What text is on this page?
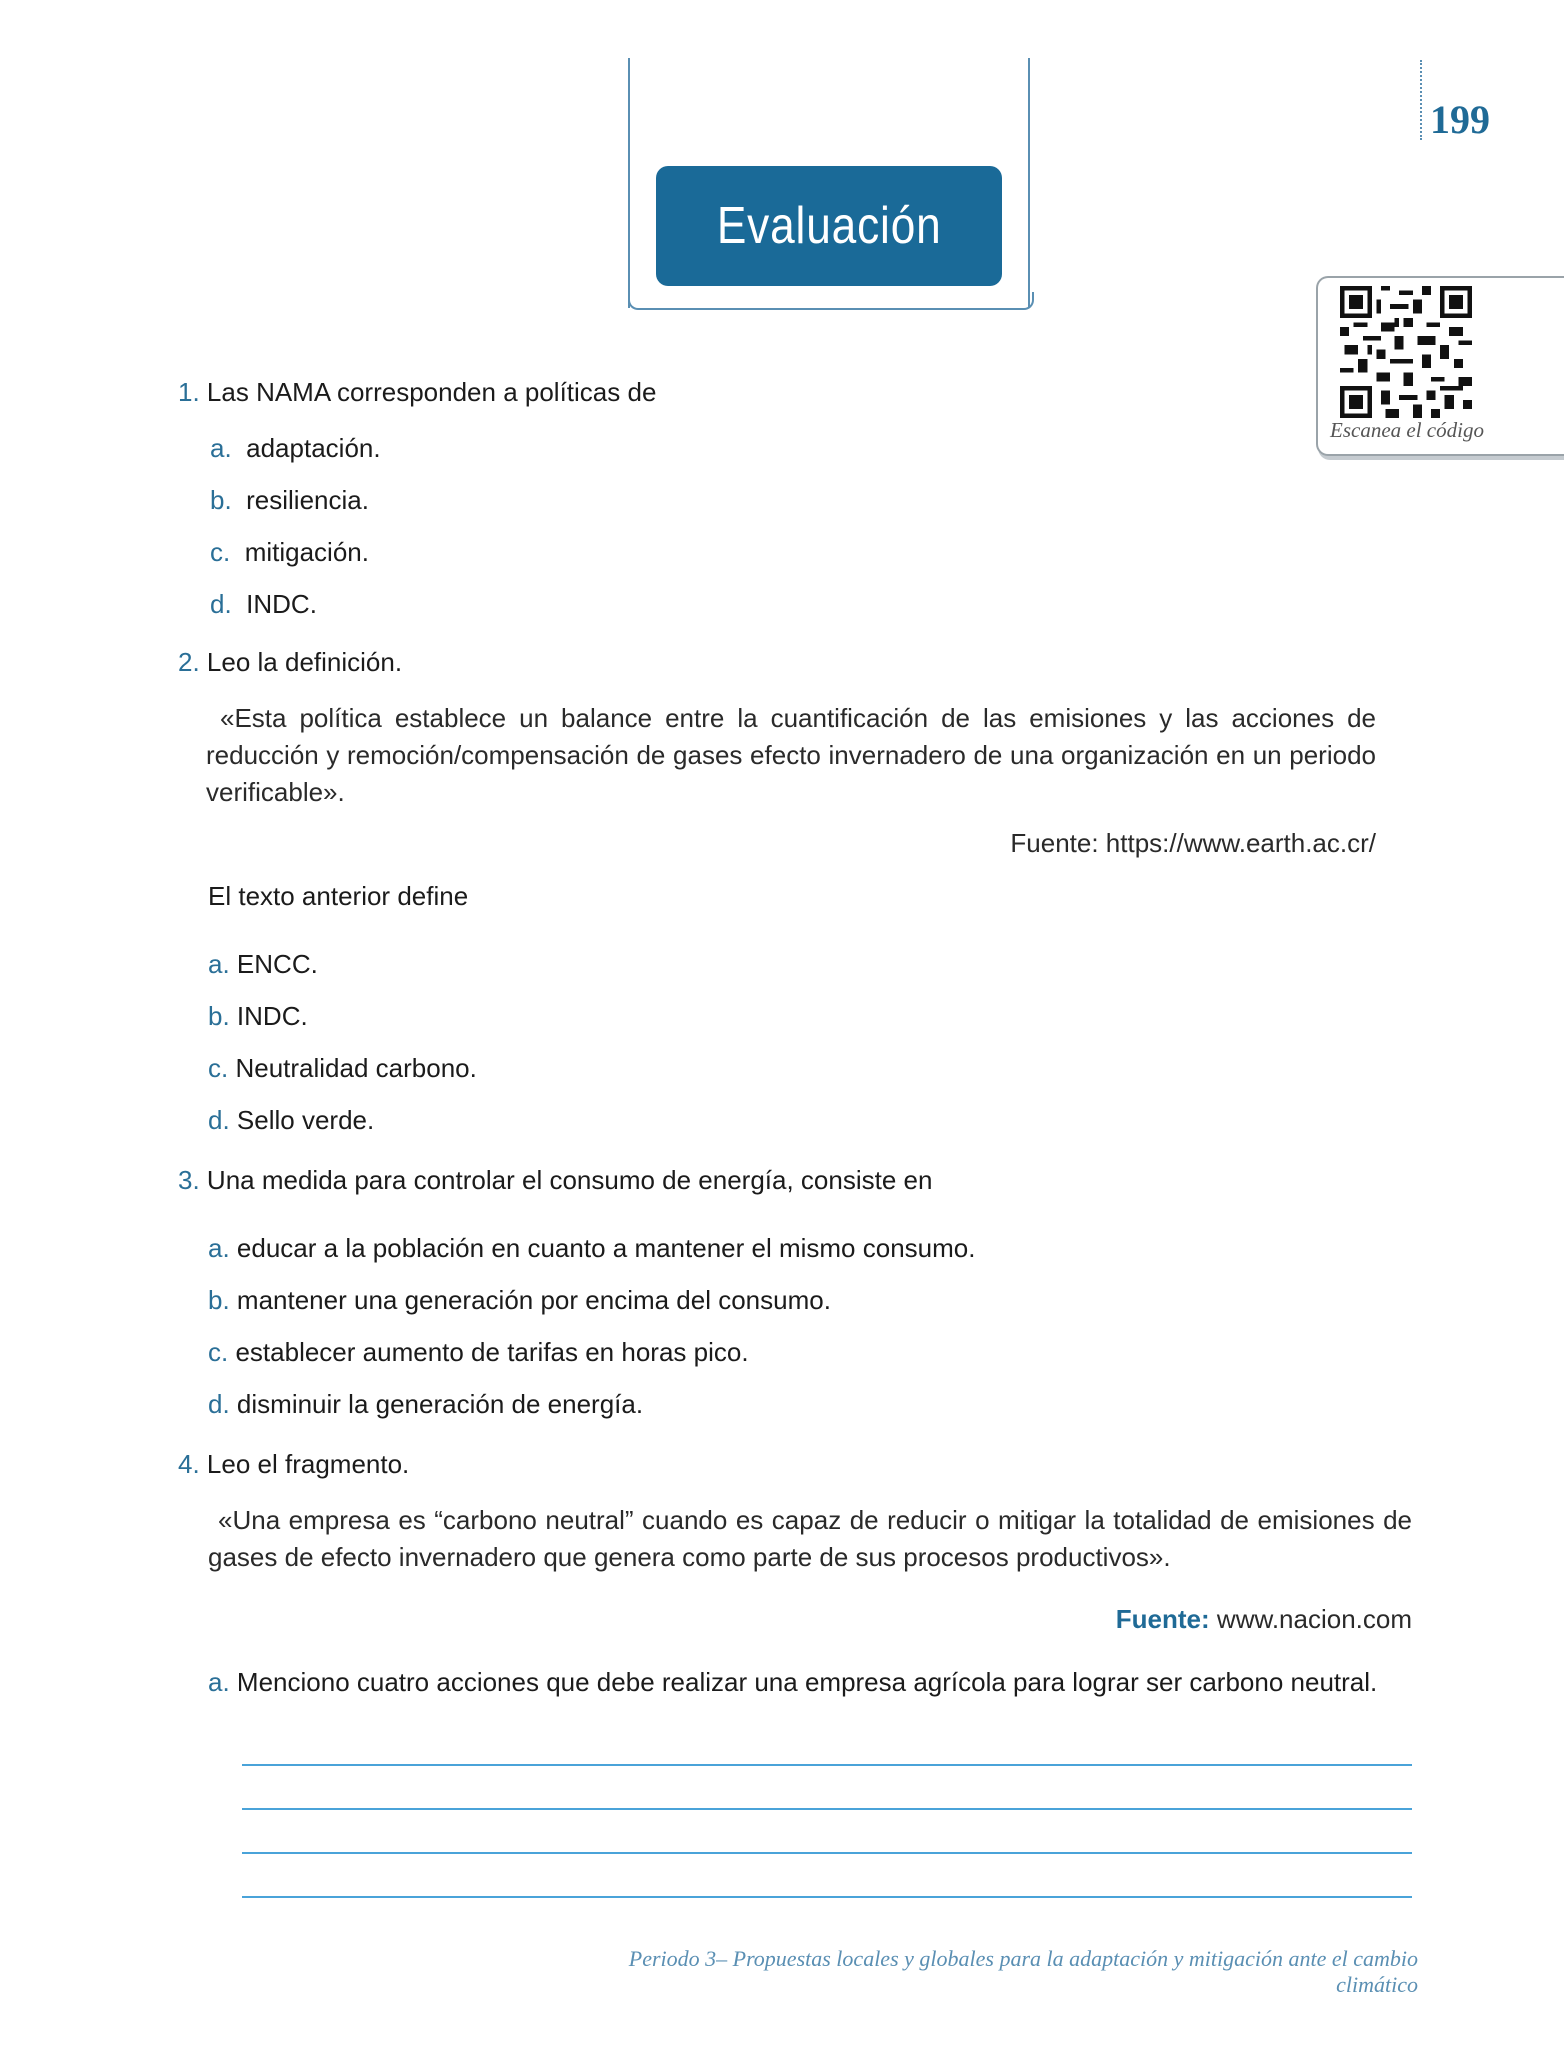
Evaluación
199
Escanea el código
1. Las NAMA corresponden a políticas de
a. adaptación.
b. resiliencia.
c. mitigación.
d. INDC.
2. Leo la definición.
«Esta política establece un balance entre la cuantificación de las emisiones y las acciones de reducción y remoción/compensación de gases efecto invernadero de una organización en un periodo verificable».
Fuente: https://www.earth.ac.cr/
El texto anterior define
a. ENCC.
b. INDC.
c. Neutralidad carbono.
d. Sello verde.
3. Una medida para controlar el consumo de energía, consiste en
a. educar a la población en cuanto a mantener el mismo consumo.
b. mantener una generación por encima del consumo.
c. establecer aumento de tarifas en horas pico.
d. disminuir la generación de energía.
4. Leo el fragmento.
«Una empresa es “carbono neutral” cuando es capaz de reducir o mitigar la totalidad de emisiones de gases de efecto invernadero que genera como parte de sus procesos productivos».
Fuente: www.nacion.com
a. Menciono cuatro acciones que debe realizar una empresa agrícola para lograr ser carbono neutral.
Periodo 3– Propuestas locales y globales para la adaptación y mitigación ante el cambio climático
